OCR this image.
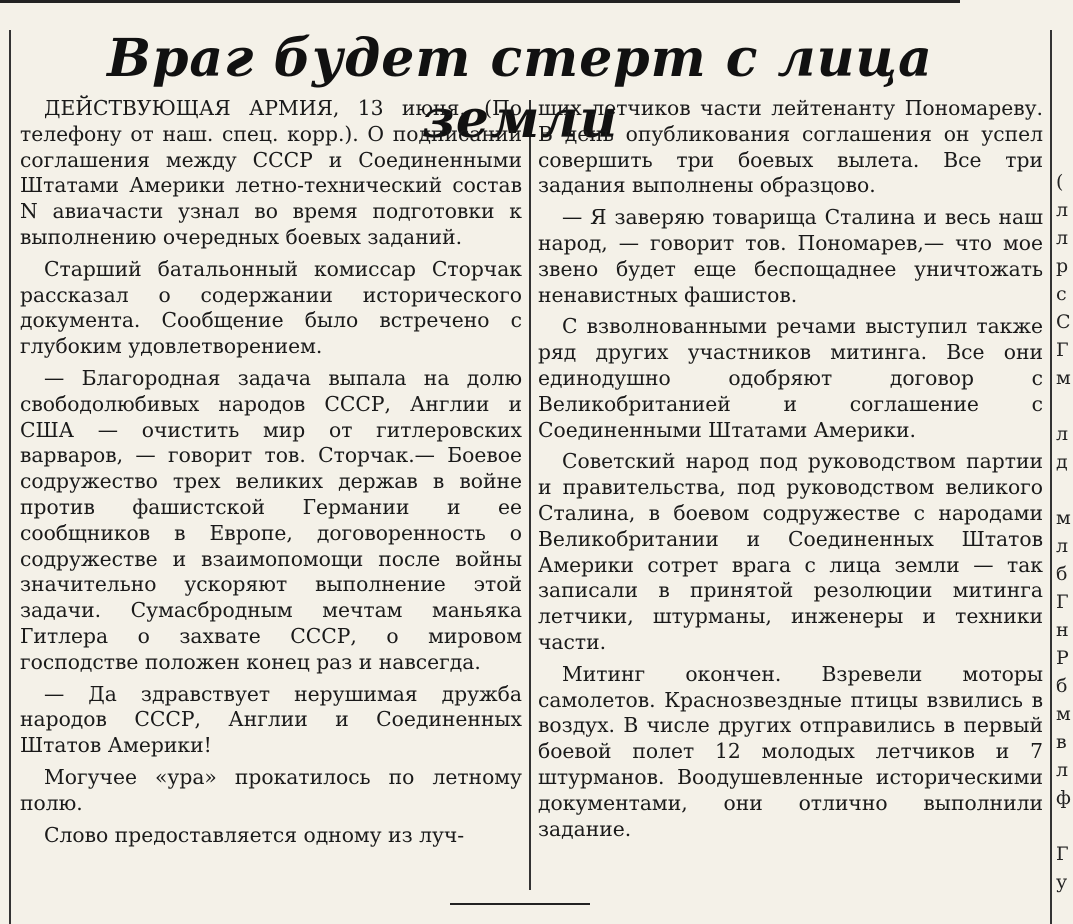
Враг будет стерт с лица земли

ДЕЙСТВУЮЩАЯ АРМИЯ, 13 июня. (По телефону от наш. спец. корр.). О подписании соглашения между СССР и Соединенными Штатами Америки летно-технический состав N авиачасти узнал во время подготовки к выполнению очередных боевых заданий.

Старший батальонный комиссар Сторчак рассказал о содержании исторического документа. Сообщение было встречено с глубоким удовлетворением.

— Благородная задача выпала на долю свободолюбивых народов СССР, Англии и США — очистить мир от гитлеровских варваров, — говорит тов. Сторчак.— Боевое содружество трех великих держав в войне против фашистской Германии и ее сообщников в Европе, договоренность о содружестве и взаимопомощи после войны значительно ускоряют выполнение этой задачи. Сумасбродным мечтам маньяка Гитлера о захвате СССР, о мировом господстве положен конец раз и навсегда.

— Да здравствует нерушимая дружба народов СССР, Англии и Соединенных Штатов Америки!

Могучее «ура» прокатилось по летному полю.

Слово предоставляется одному из луч-

ших летчиков части лейтенанту Пономареву. В день опубликования соглашения он успел совершить три боевых вылета. Все три задания выполнены образцово.

— Я заверяю товарища Сталина и весь наш народ, — говорит тов. Пономарев,— что мое звено будет еще беспощаднее уничтожать ненавистных фашистов.

С взволнованными речами выступил также ряд других участников митинга. Все они единодушно одобряют договор с Великобританией и соглашение с Соединенными Штатами Америки.

Советский народ под руководством партии и правительства, под руководством великого Сталина, в боевом содружестве с народами Великобритании и Соединенных Штатов Америки сотрет врага с лица земли — так записали в принятой резолюции митинга летчики, штурманы, инженеры и техники части.

Митинг окончен. Взревели моторы самолетов. Краснозвездные птицы взвились в воздух. В числе других отправились в первый боевой полет 12 молодых летчиков и 7 штурманов. Воодушевленные историческими документами, они отлично выполнили задание.

(
л
л
р
с
С
Г
м
л
д
м
л
б
Г
н
Р
б
м
в
л
ф
Г
у
